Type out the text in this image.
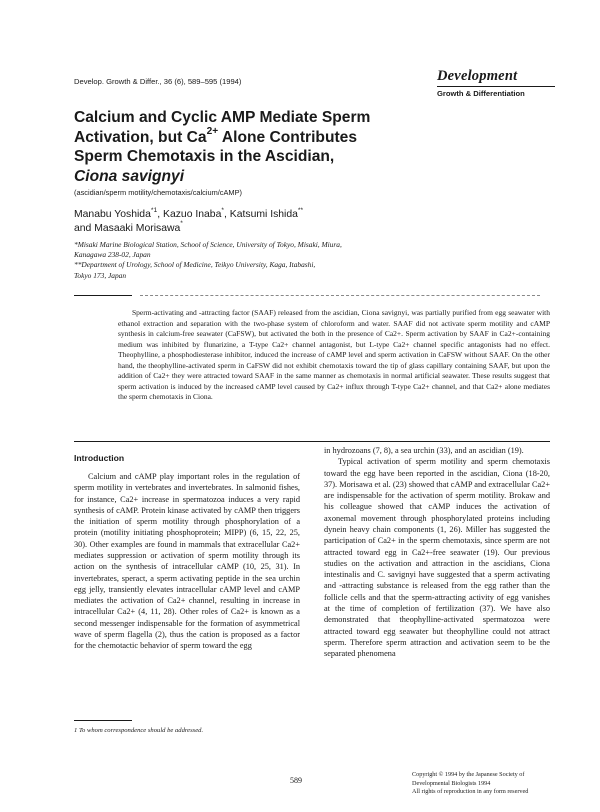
Develop. Growth & Differ., 36 (6), 589–595 (1994)	Development
Growth & Differentiation
Calcium and Cyclic AMP Mediate Sperm
Activation, but $Ca^{2+}$ Alone Contributes
Sperm Chemotaxis in the Ascidian,
Ciona savignyi
(ascidian/sperm motility/chemotaxis/calcium/cAMP)
Manabu Yoshida$^{*1}$, Kazuo Inaba*, Katsumi Ishida**
and Masaaki Morisawa*
*Misaki Marine Biological Station, School of Science, University of Tokyo, Misaki, Miura,
Kanagawa 238-02, Japan
**Department of Urology, School of Medicine, Teikyo University, Kaga, Itabashi,
Tokyo 173, Japan

Sperm-activating and -attracting factor (SAAF) released from the ascidian, Ciona savignyi, was partially purified from egg seawater with ethanol extraction and separation with the two-phase system of chloroform and water. SAAF did not activate sperm motility and cAMP synthesis in calcium-free seawater (CaFSW), but activated the both in the presence of Ca2+. Sperm activation by SAAF in Ca2+-containing medium was inhibited by flunarizine, a T-type Ca2+ channel antagonist, but L-type Ca2+ channel specific antagonists had no effect. Theophylline, a phosphodiesterase inhibitor, induced the increase of cAMP level and sperm activation in CaFSW without SAAF. On the other hand, the theophylline-activated sperm in CaFSW did not exhibit chemotaxis toward the tip of glass capillary containing SAAF, but upon the addition of Ca2+ they were attracted toward SAAF in the same manner as chemotaxis in normal artificial seawater. These results suggest that sperm activation is induced by the increased cAMP level caused by Ca2+ influx through T-type Ca2+ channel, and that Ca2+ alone mediates the sperm chemotaxis in Ciona.

Introduction

Calcium and cAMP play important roles in the regulation of sperm motility in vertebrates and invertebrates. In salmonid fishes, for instance, Ca2+ increase in spermatozoa induces a very rapid synthesis of cAMP. Protein kinase activated by cAMP then triggers the initiation of sperm motility through phosphorylation of a protein (motility initiating phosphoprotein; MIPP) (6, 15, 22, 25, 30). Other examples are found in mammals that extracellular Ca2+ mediates suppression or activation of sperm motility through its action on the synthesis of intracellular cAMP (10, 25, 31). In invertebrates, speract, a sperm activating peptide in the sea urchin egg jelly, transiently elevates intracellular cAMP level and cAMP mediates the activation of Ca2+ channel, resulting in increase in intracellular Ca2+ (4, 11, 28). Other roles of Ca2+ is known as a second messenger indispensable for the formation of asymmetrical wave of sperm flagella (2), thus the cation is proposed as a factor for the chemotactic behavior of sperm toward the egg

in hydrozoans (7, 8), a sea urchin (33), and an ascidian (19).

Typical activation of sperm motility and sperm chemotaxis toward the egg have been reported in the ascidian, Ciona (18-20, 37). Morisawa et al. (23) showed that cAMP and extracellular Ca2+ are indispensable for the activation of sperm motility. Brokaw and his colleague showed that cAMP induces the activation of axonemal movement through phosphorylated proteins including dynein heavy chain components (1, 26). Miller has suggested the participation of Ca2+ in the sperm chemotaxis, since sperm are not attracted toward egg in Ca2+-free seawater (19). Our previous studies on the activation and attraction in the ascidians, Ciona intestinalis and C. savignyi have suggested that a sperm activating and -attracting substance is released from the egg rather than the follicle cells and that the sperm-attracting activity of egg vanishes at the time of completion of fertilization (37). We have also demonstrated that theophylline-activated spermatozoa were attracted toward egg seawater but theophylline could not attract sperm. Therefore sperm attraction and activation seem to be the separated phenomena

1 To whom correspondence should be addressed.
589
Copyright © 1994 by the Japanese Society of
Developmental Biologists 1994
All rights of reproduction in any form reserved
